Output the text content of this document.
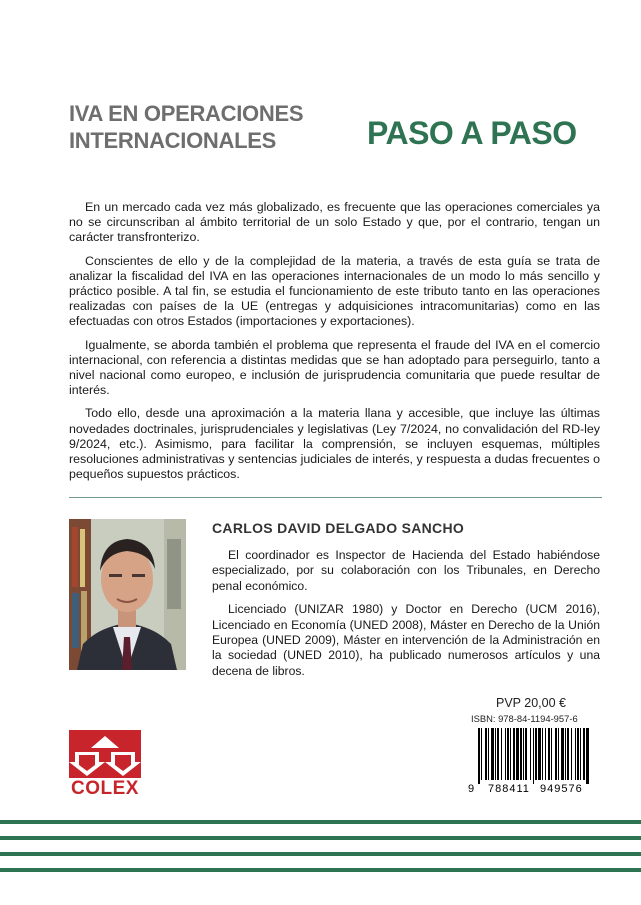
IVA EN OPERACIONES
INTERNACIONALES	PASO A PASO

En un mercado cada vez más globalizado, es frecuente que las operaciones comerciales ya no se circunscriban al ámbito territorial de un solo Estado y que, por el contrario, tengan un carácter transfronterizo.

Conscientes de ello y de la complejidad de la materia, a través de esta guía se trata de analizar la fiscalidad del IVA en las operaciones internacionales de un modo lo más sencillo y práctico posible. A tal fin, se estudia el funcionamiento de este tributo tanto en las operaciones realizadas con países de la UE (entregas y adquisiciones intracomunitarias) como en las efectuadas con otros Estados (importaciones y exportaciones).

Igualmente, se aborda también el problema que representa el fraude del IVA en el comercio internacional, con referencia a distintas medidas que se han adoptado para perseguirlo, tanto a nivel nacional como europeo, e inclusión de jurisprudencia comunitaria que puede resultar de interés.

Todo ello, desde una aproximación a la materia llana y accesible, que incluye las últimas novedades doctrinales, jurisprudenciales y legislativas (Ley 7/2024, no convalidación del RD-ley 9/2024, etc.). Asimismo, para facilitar la comprensión, se incluyen esquemas, múltiples resoluciones administrativas y sentencias judiciales de interés, y respuesta a dudas frecuentes o pequeños supuestos prácticos.

CARLOS DAVID DELGADO SANCHO

El coordinador es Inspector de Hacienda del Estado habiéndose especializado, por su colaboración con los Tribunales, en Derecho penal económico.

Licenciado (UNIZAR 1980) y Doctor en Derecho (UCM 2016), Licenciado en Economía (UNED 2008), Máster en Derecho de la Unión Europea (UNED 2009), Máster en intervención de la Administración en la sociedad (UNED 2010), ha publicado numerosos artículos y una decena de libros.

PVP 20,00 €
ISBN: 978-84-1194-957-6
9 788411 949576
COLEX
